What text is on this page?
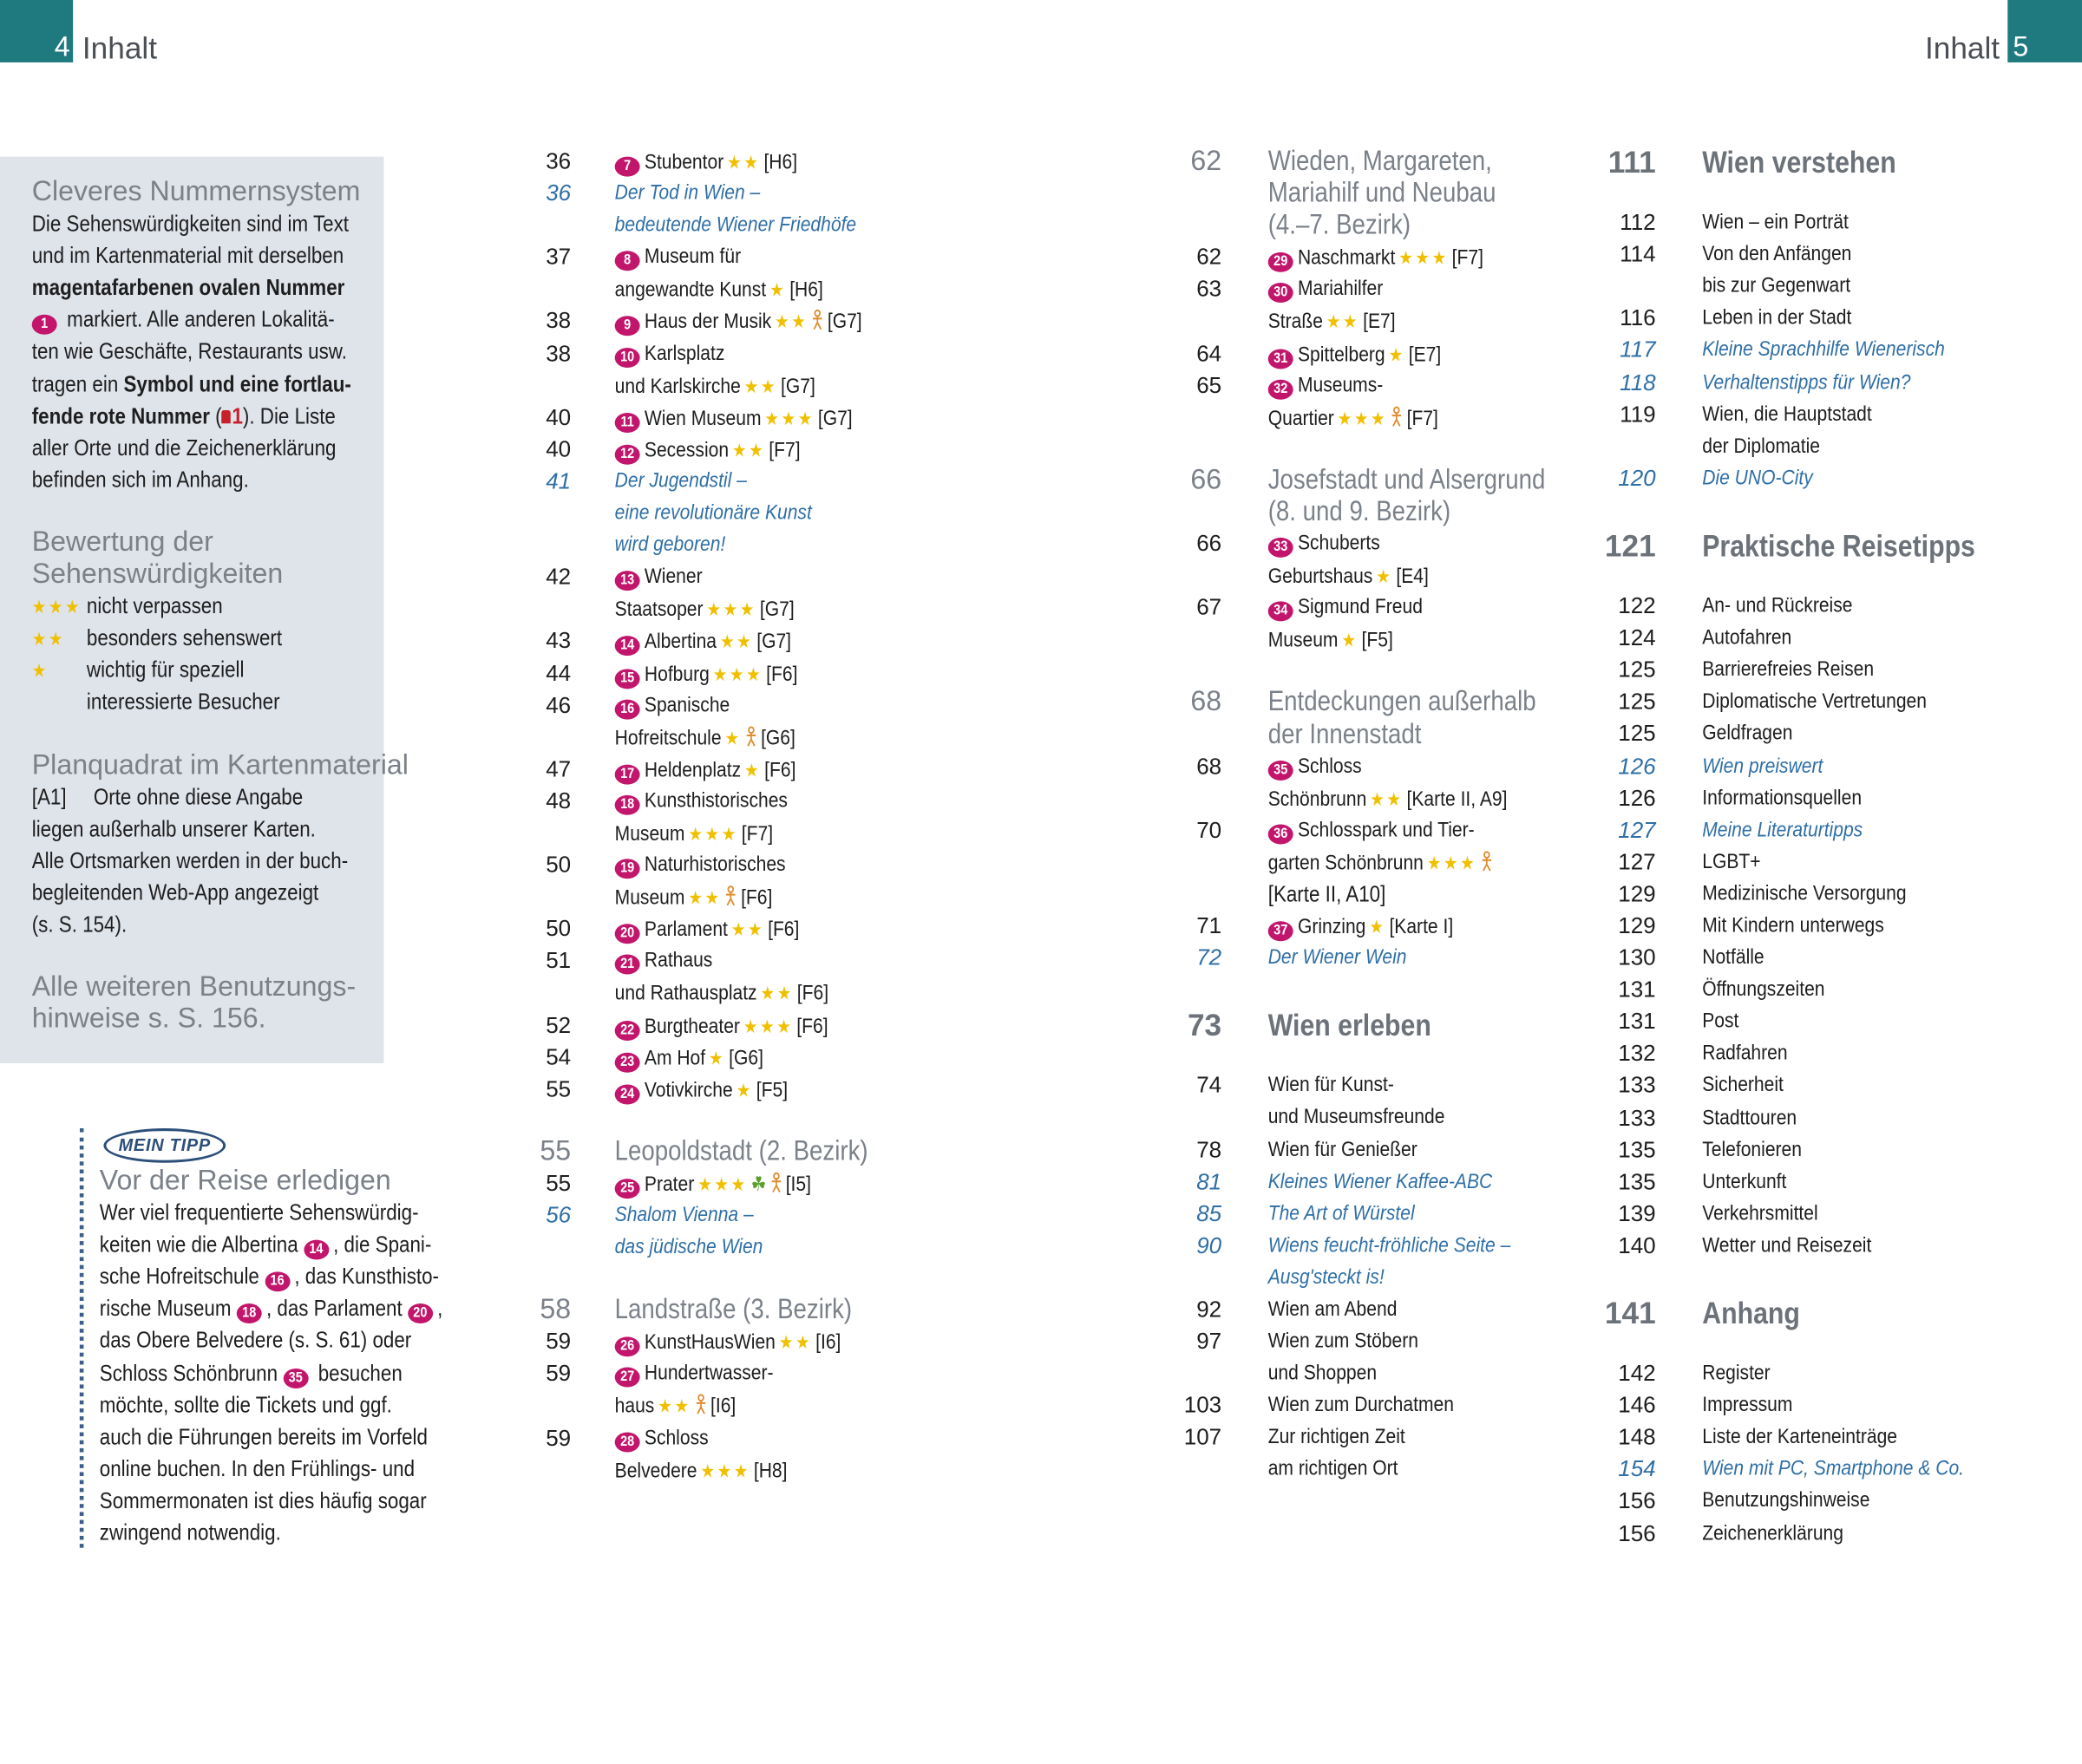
4 Inhalt	Inhalt 5
Cleveres Nummernsystem
Die Sehenswürdigkeiten sind im Text
und im Kartenmaterial mit derselben
magentafarbenen ovalen Nummer
1 markiert. Alle anderen Lokalitä-
ten wie Geschäfte, Restaurants usw.
tragen ein Symbol und eine fortlau-
fende rote Nummer ( 1). Die Liste
aller Orte und die Zeichenerklärung
befinden sich im Anhang.
Bewertung der
Sehenswürdigkeiten
★★★ nicht verpassen
★★ besonders sehenswert
★	wichtig für speziell
interessierte Besucher
Planquadrat im Kartenmaterial
[A1] Orte ohne diese Angabe
liegen außerhalb unserer Karten.
Alle Ortsmarken werden in der buch-
begleitenden Web-App angezeigt
(s. S. 154).
Alle weiteren Benutzungs-
hinweise s. S. 156.
MEIN TIPP
Vor der Reise erledigen
Wer viel frequentierte Sehenswürdig-
keiten wie die Albertina 14 , die Spani-
sche Hofreitschule 16 , das Kunsthisto-
rische Museum 18 , das Parlament 20 ,
das Obere Belvedere (s. S. 61) oder
Schloss Schönbrunn 35 besuchen
möchte, sollte die Tickets und ggf.
auch die Führungen bereits im Vorfeld
online buchen. In den Frühlings- und
Sommermonaten ist dies häufig sogar
zwingend notwendig.
36	7 Stubentor ★★ [H6]
36	Der Tod in Wien –
bedeutende Wiener Friedhöfe
37	8 Museum für
angewandte Kunst ★ [H6]
38	9 Haus der Musik ★★ [G7]
38	10 Karlsplatz
und Karlskirche ★★ [G7]
40	11 Wien Museum ★★★ [G7]
40	12 Secession ★★ [F7]
41	Der Jugendstil –
eine revolutionäre Kunst
wird geboren!
42	13 Wiener
Staatsoper ★★★ [G7]
43	14 Albertina ★★ [G7]
44	15 Hofburg ★★★ [F6]
46	16 Spanische
Hofreitschule ★ [G6]
47	17 Heldenplatz ★ [F6]
48	18 Kunsthistorisches
Museum ★★★ [F7]
50	19 Naturhistorisches
Museum ★★ [F6]
50	20 Parlament ★★ [F6]
51	21 Rathaus
und Rathausplatz ★★ [F6]
52	22 Burgtheater ★★★ [F6]
54	23 Am Hof ★ [G6]
55	24 Votivkirche ★ [F5]
55 Leopoldstadt (2. Bezirk)
55	25 Prater ★★★ ☘ [I5]
56	Shalom Vienna –
das jüdische Wien
58 Landstraße (3. Bezirk)
59	26 KunstHausWien ★★ [I6]
59	27 Hundertwasser-
haus ★★ [I6]
59	28 Schloss
Belvedere ★★★ [H8]
62	Wieden, Margareten,
Mariahilf und Neubau
(4.–7. Bezirk)
62	29 Naschmarkt ★★★ [F7]
63	30 Mariahilfer
Straße ★★ [E7]
64	31 Spittelberg ★ [E7]
65	32 Museums-
Quartier ★★★ [F7]
66	Josefstadt und Alsergrund
(8. und 9. Bezirk)
66	33 Schuberts
Geburtshaus ★ [E4]
67	34 Sigmund Freud
Museum ★ [F5]
68	Entdeckungen außerhalb
der Innenstadt
68	35 Schloss
Schönbrunn ★★ [Karte II, A9]
70	36 Schlosspark und Tier-
garten Schönbrunn ★★★
[Karte II, A10]
71	37 Grinzing ★ [Karte I]
72	Der Wiener Wein
73 Wien erleben
74	Wien für Kunst-
und Museumsfreunde
78	Wien für Genießer
81	Kleines Wiener Kaffee-ABC
85	The Art of Würstel
90	Wiens feucht-fröhliche Seite –
Ausg'steckt is!
92	Wien am Abend
97	Wien zum Stöbern
und Shoppen
103	Wien zum Durchatmen
107	Zur richtigen Zeit
am richtigen Ort
111 Wien verstehen
112	Wien – ein Porträt
114	Von den Anfängen
bis zur Gegenwart
116	Leben in der Stadt
117	Kleine Sprachhilfe Wienerisch
118	Verhaltenstipps für Wien?
119	Wien, die Hauptstadt
der Diplomatie
120	Die UNO-City
121 Praktische Reisetipps
122	An- und Rückreise
124	Autofahren
125	Barrierefreies Reisen
125	Diplomatische Vertretungen
125	Geldfragen
126	Wien preiswert
126	Informationsquellen
127	Meine Literaturtipps
127	LGBT+
129	Medizinische Versorgung
129	Mit Kindern unterwegs
130	Notfälle
131	Öffnungszeiten
131	Post
132	Radfahren
133	Sicherheit
133	Stadttouren
135	Telefonieren
135	Unterkunft
139	Verkehrsmittel
140	Wetter und Reisezeit
141 Anhang
142	Register
146	Impressum
148	Liste der Karteneinträge
154	Wien mit PC, Smartphone & Co.
156	Benutzungshinweise
156	Zeichenerklärung
